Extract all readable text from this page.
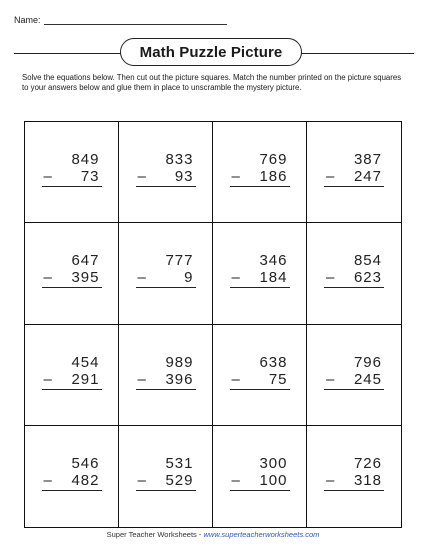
Name:
Math Puzzle Picture
Solve the equations below. Then cut out the picture squares. Match the number printed on the picture squares to your answers below and glue them in place to unscramble the mystery picture.
849
– 73
833
– 93
769
– 186
387
– 247
647
– 395
777
– 9
346
– 184
854
– 623
454
– 291
989
– 396
638
– 75
796
– 245
546
– 482
531
– 529
300
– 100
726
– 318
Super Teacher Worksheets - www.superteacherworksheets.com
